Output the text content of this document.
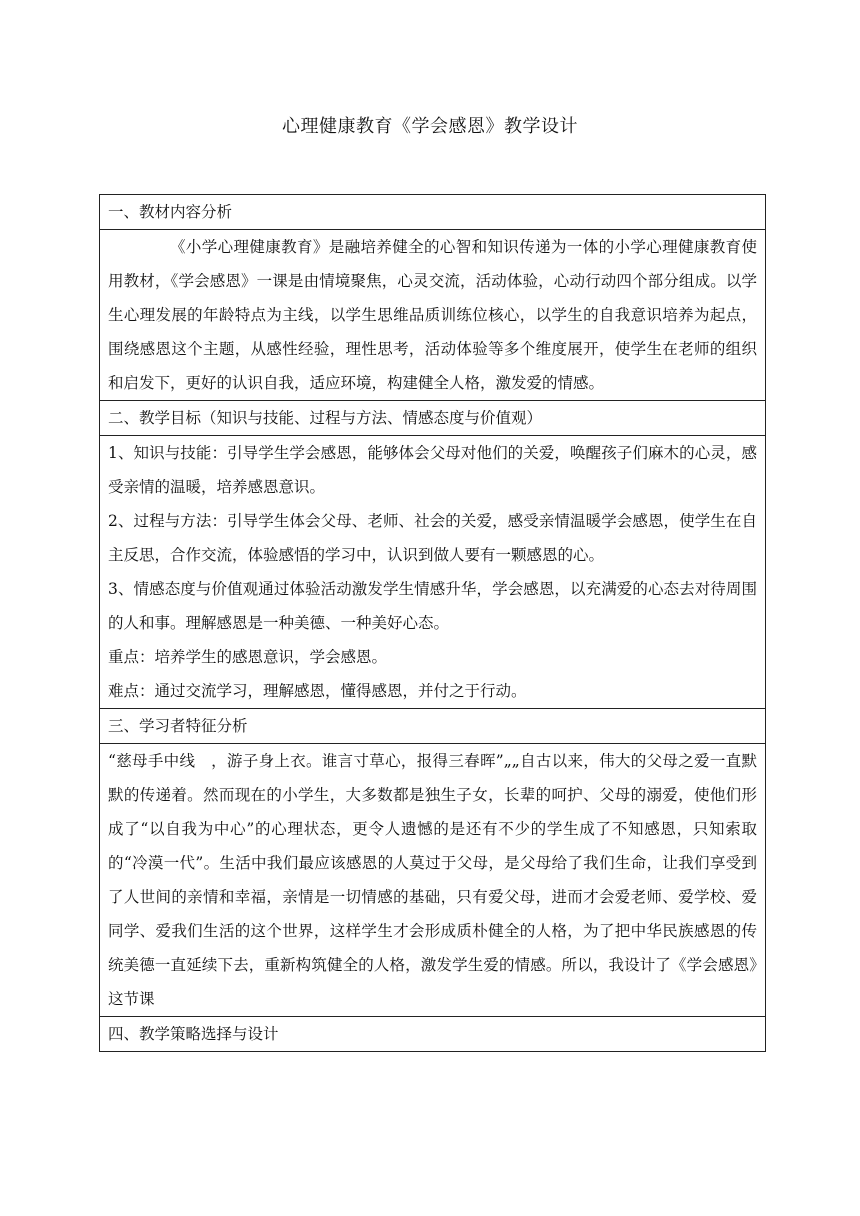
心理健康教育《学会感恩》教学设计
一、教材内容分析

《小学心理健康教育》是融培养健全的心智和知识传递为一体的小学心理健康教育使用教材，《学会感恩》一课是由情境聚焦，心灵交流，活动体验，心动行动四个部分组成。以学生心理发展的年龄特点为主线，以学生思维品质训练位核心，以学生的自我意识培养为起点，围绕感恩这个主题，从感性经验，理性思考，活动体验等多个维度展开，使学生在老师的组织和启发下，更好的认识自我，适应环境，构建健全人格，激发爱的情感。

二、教学目标（知识与技能、过程与方法、情感态度与价值观）

1、知识与技能：引导学生学会感恩，能够体会父母对他们的关爱，唤醒孩子们麻木的心灵，感受亲情的温暖，培养感恩意识。

2、过程与方法：引导学生体会父母、老师、社会的关爱，感受亲情温暖学会感恩，使学生在自主反思，合作交流，体验感悟的学习中，认识到做人要有一颗感恩的心。

3、情感态度与价值观通过体验活动激发学生情感升华，学会感恩，以充满爱的心态去对待周围的人和事。理解感恩是一种美德、一种美好心态。

重点：培养学生的感恩意识，学会感恩。

难点：通过交流学习，理解感恩，懂得感恩，并付之于行动。

三、学习者特征分析

“慈母手中线　，游子身上衣。谁言寸草心，报得三春晖”„„自古以来，伟大的父母之爱一直默默的传递着。然而现在的小学生，大多数都是独生子女，长辈的呵护、父母的溺爱，使他们形成了“以自我为中心”的心理状态，更令人遗憾的是还有不少的学生成了不知感恩，只知索取的“冷漠一代”。生活中我们最应该感恩的人莫过于父母，是父母给了我们生命，让我们享受到了人世间的亲情和幸福，亲情是一切情感的基础，只有爱父母，进而才会爱老师、爱学校、爱同学、爱我们生活的这个世界，这样学生才会形成质朴健全的人格，为了把中华民族感恩的传统美德一直延续下去，重新构筑健全的人格，激发学生爱的情感。所以，我设计了《学会感恩》这节课

四、教学策略选择与设计
